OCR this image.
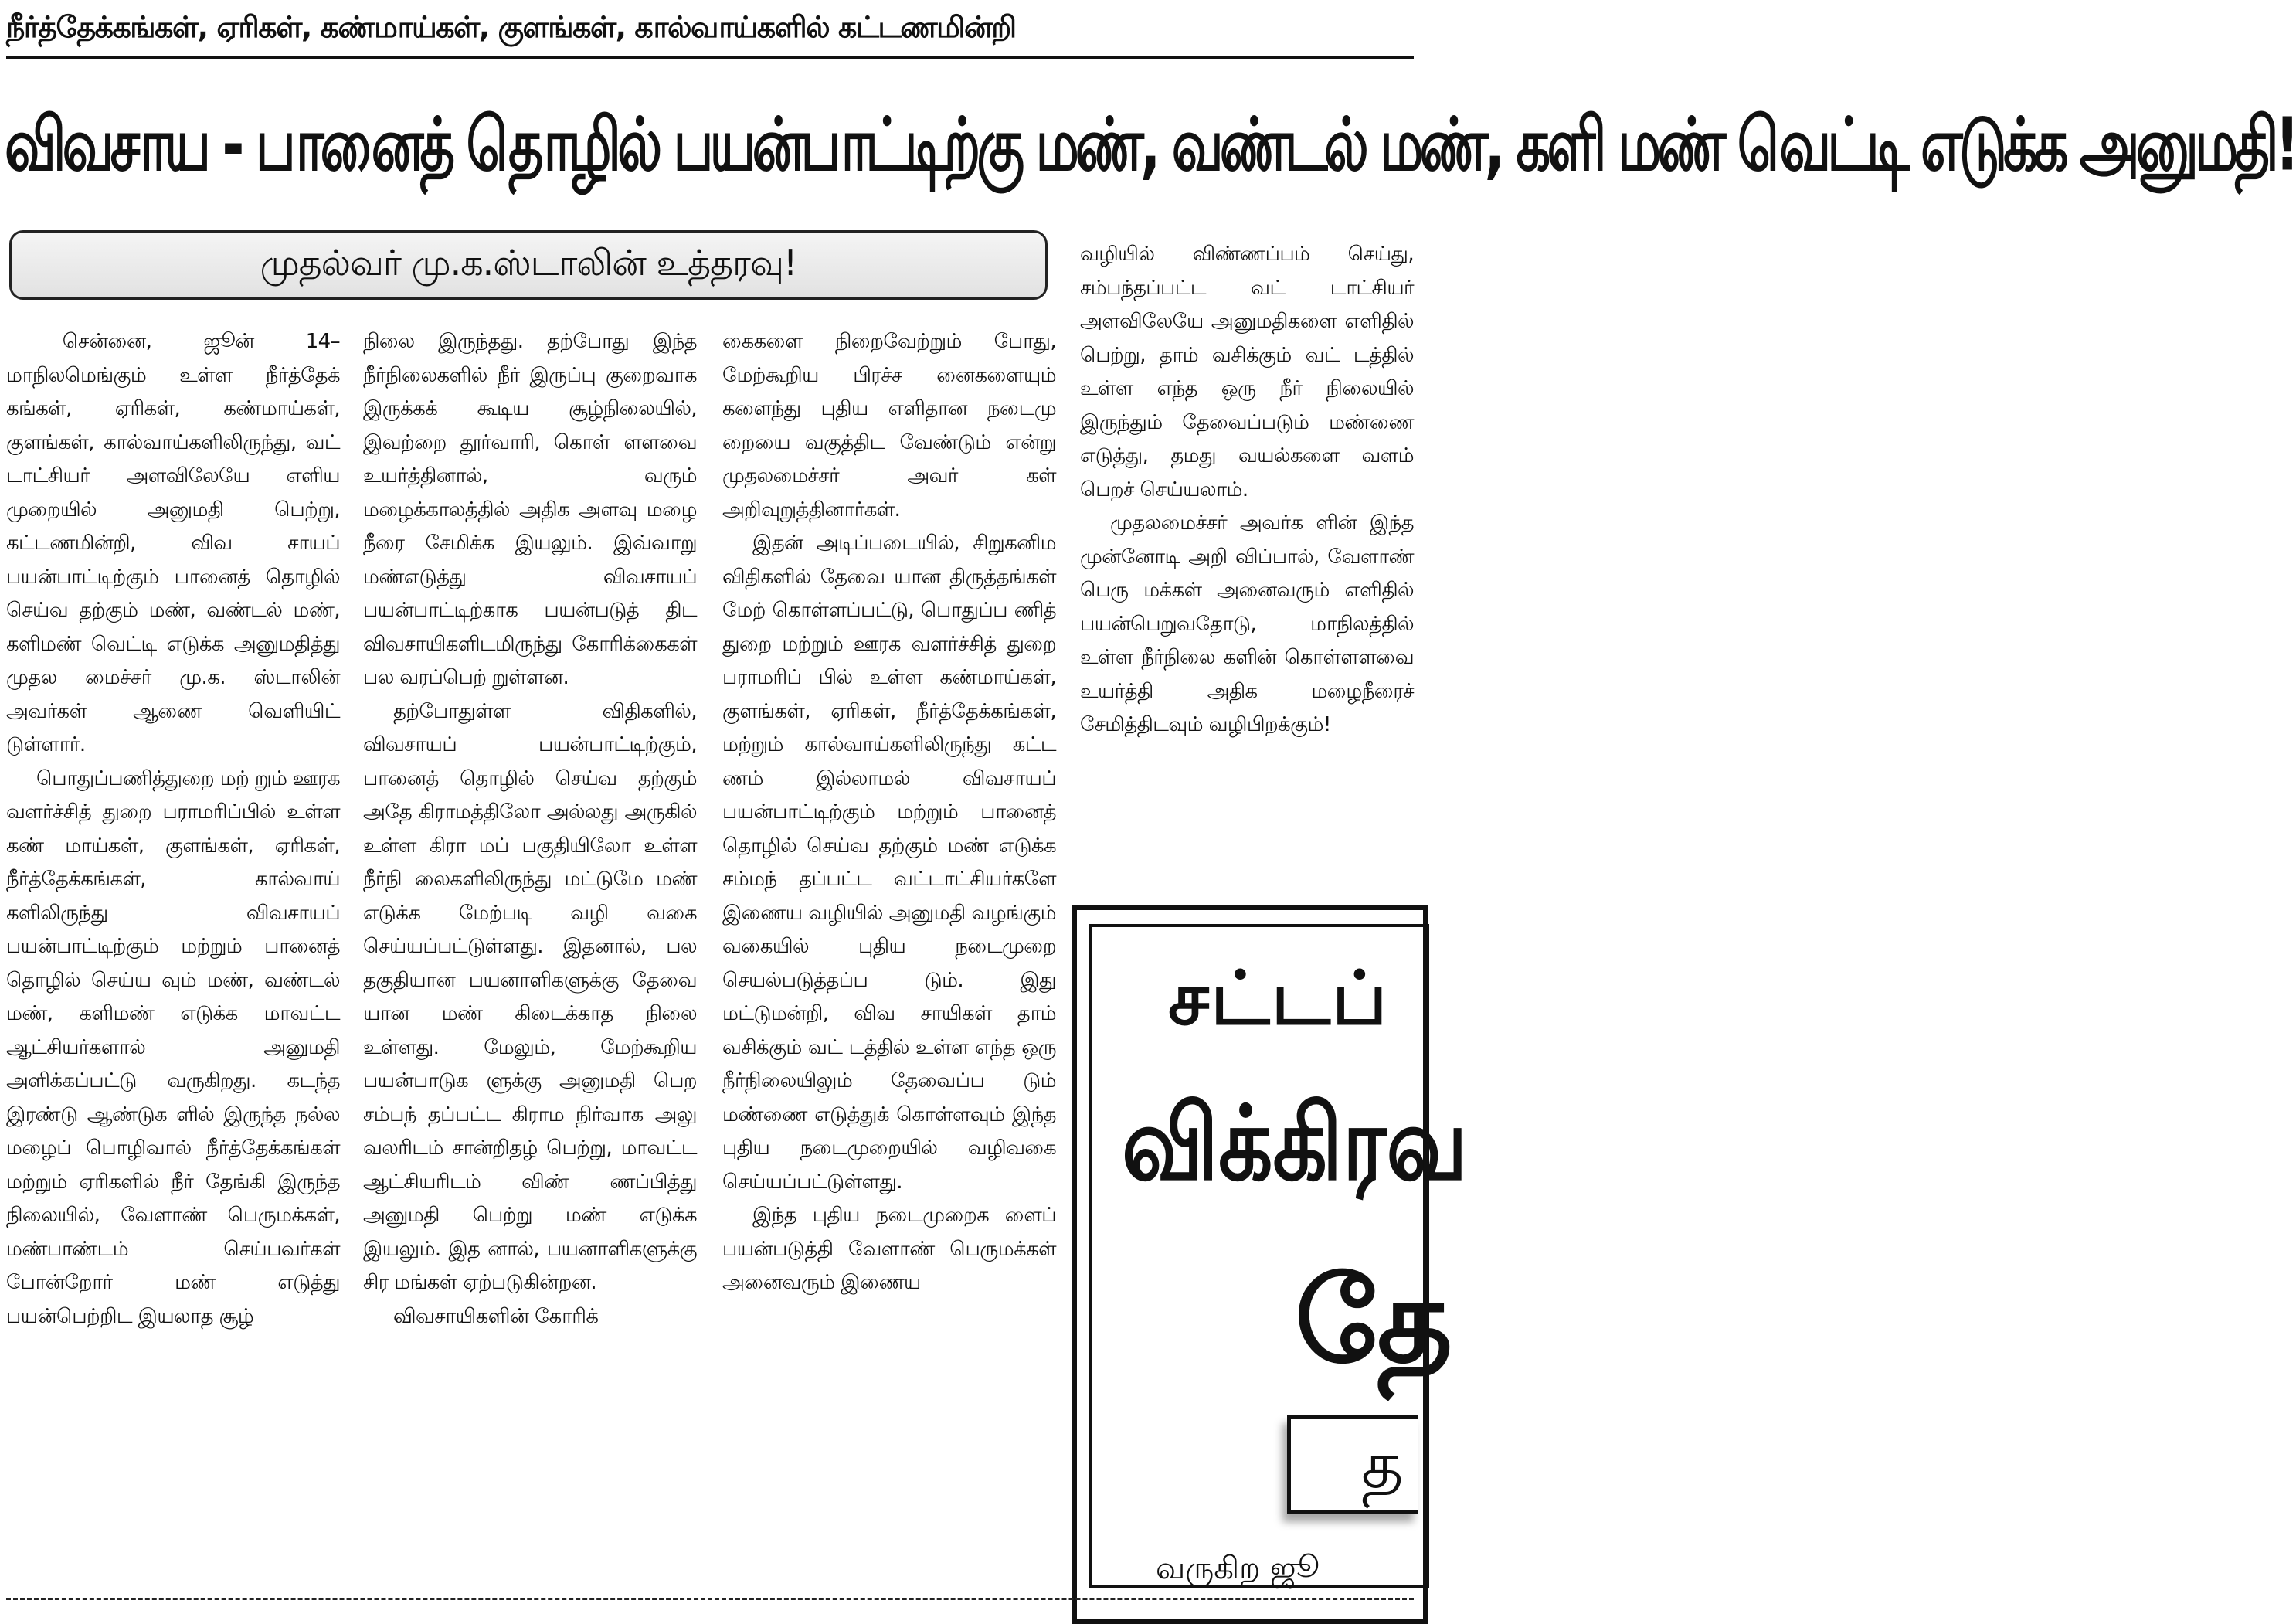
நீர்த்தேக்கங்கள், ஏரிகள், கண்மாய்கள், குளங்கள், கால்வாய்களில் கட்டணமின்றி
விவசாய - பானைத் தொழில் பயன்பாட்டிற்கு மண், வண்டல் மண், களி மண் வெட்டி எடுக்க அனுமதி!
முதல்வர் மு.க.ஸ்டாலின் உத்தரவு!

சென்னை, ஜூன் 14– மாநிலமெங்கும் உள்ள நீர்த்தேக் கங்கள், ஏரிகள், கண்மாய்கள், குளங்கள், கால்வாய்களிலிருந்து, வட் டாட்சியர் அளவிலேயே எளிய முறையில் அனுமதி பெற்று, கட்டணமின்றி, விவ சாயப் பயன்பாட்டிற்கும் பானைத் தொழில் செய்வ தற்கும் மண், வண்டல் மண், களிமண் வெட்டி எடுக்க அனுமதித்து முதல மைச்சர் மு.க. ஸ்டாலின் அவர்கள் ஆணை வெளியிட் டுள்ளார்.

பொதுப்பணித்துறை மற் றும் ஊரக வளர்ச்சித் துறை பராமரிப்பில் உள்ள கண் மாய்கள், குளங்கள், ஏரிகள், நீர்த்தேக்கங்கள், கால்வாய் களிலிருந்து விவசாயப் பயன்பாட்டிற்கும் மற்றும் பானைத் தொழில் செய்ய வும் மண், வண்டல் மண், களிமண் எடுக்க மாவட்ட ஆட்சியர்களால் அனுமதி அளிக்கப்பட்டு வருகிறது. கடந்த இரண்டு ஆண்டுக ளில் இருந்த நல்ல மழைப் பொழிவால் நீர்த்தேக்கங்கள் மற்றும் ஏரிகளில் நீர் தேங்கி இருந்த நிலையில், வேளாண் பெருமக்கள், மண்பாண்டம் செய்பவர்கள் போன்றோர் மண் எடுத்து பயன்பெற்றிட இயலாத சூழ்

நிலை இருந்தது. தற்போது இந்த நீர்நிலைகளில் நீர் இருப்பு குறைவாக இருக்கக் கூடிய சூழ்நிலையில், இவற்றை தூர்வாரி, கொள் ளளவை உயர்த்தினால், வரும் மழைக்காலத்தில் அதிக அளவு மழை நீரை சேமிக்க இயலும். இவ்வாறு மண்எடுத்து விவசாயப் பயன்பாட்டிற்காக பயன்படுத் திட விவசாயிகளிடமிருந்து கோரிக்கைகள் பல வரப்பெற் றுள்ளன.

தற்போதுள்ள விதிகளில், விவசாயப் பயன்பாட்டிற்கும், பானைத் தொழில் செய்வ தற்கும் அதே கிராமத்திலோ அல்லது அருகில் உள்ள கிரா மப் பகுதியிலோ உள்ள நீர்நி லைகளிலிருந்து மட்டுமே மண் எடுக்க மேற்படி வழி வகை செய்யப்பட்டுள்ளது. இதனால், பல தகுதியான பயனாளிகளுக்கு தேவை யான மண் கிடைக்காத நிலை உள்ளது. மேலும், மேற்கூறிய பயன்பாடுக ளுக்கு அனுமதி பெற சம்பந் தப்பட்ட கிராம நிர்வாக அலு வலரிடம் சான்றிதழ் பெற்று, மாவட்ட ஆட்சியரிடம் விண் ணப்பித்து அனுமதி பெற்று மண் எடுக்க இயலும். இத னால், பயனாளிகளுக்கு சிர மங்கள் ஏற்படுகின்றன.

விவசாயிகளின் கோரிக்

கைகளை நிறைவேற்றும் போது, மேற்கூறிய பிரச்ச னைகளையும் களைந்து புதிய எளிதான நடைமு றையை வகுத்திட வேண்டும் என்று முதலமைச்சர் அவர் கள் அறிவுறுத்தினார்கள்.

இதன் அடிப்படையில், சிறுகனிம விதிகளில் தேவை யான திருத்தங்கள் மேற் கொள்ளப்பட்டு, பொதுப்ப ணித் துறை மற்றும் ஊரக வளர்ச்சித் துறை பராமரிப் பில் உள்ள கண்மாய்கள், குளங்கள், ஏரிகள், நீர்த்தேக்கங்கள், மற்றும் கால்வாய்களிலிருந்து கட்ட ணம் இல்லாமல் விவசாயப் பயன்பாட்டிற்கும் மற்றும் பானைத் தொழில் செய்வ தற்கும் மண் எடுக்க சம்மந் தப்பட்ட வட்டாட்சியர்களே இணைய வழியில் அனுமதி வழங்கும் வகையில் புதிய நடைமுறை செயல்படுத்தப்ப டும். இது மட்டுமன்றி, விவ சாயிகள் தாம் வசிக்கும் வட் டத்தில் உள்ள எந்த ஒரு நீர்நிலையிலும் தேவைப்ப டும் மண்ணை எடுத்துக் கொள்ளவும் இந்த புதிய நடைமுறையில் வழிவகை செய்யப்பட்டுள்ளது.

இந்த புதிய நடைமுறைக ளைப் பயன்படுத்தி வேளாண் பெருமக்கள் அனைவரும் இணைய

வழியில் விண்ணப்பம் செய்து, சம்பந்தப்பட்ட வட் டாட்சியர் அளவிலேயே அனுமதிகளை எளிதில் பெற்று, தாம் வசிக்கும் வட் டத்தில் உள்ள எந்த ஒரு நீர் நிலையில் இருந்தும் தேவைப்படும் மண்ணை எடுத்து, தமது வயல்களை வளம் பெறச் செய்யலாம்.

முதலமைச்சர் அவர்க ளின் இந்த முன்னோடி அறி விப்பால், வேளாண் பெரு மக்கள் அனைவரும் எளிதில் பயன்பெறுவதோடு, மாநிலத்தில் உள்ள நீர்நிலை களின் கொள்ளளவை உயர்த்தி அதிக மழைநீரைச் சேமித்திடவும் வழிபிறக்கும்!

சட்டப்
விக்கிரவ
தே
த
வருகிற ஜூ
